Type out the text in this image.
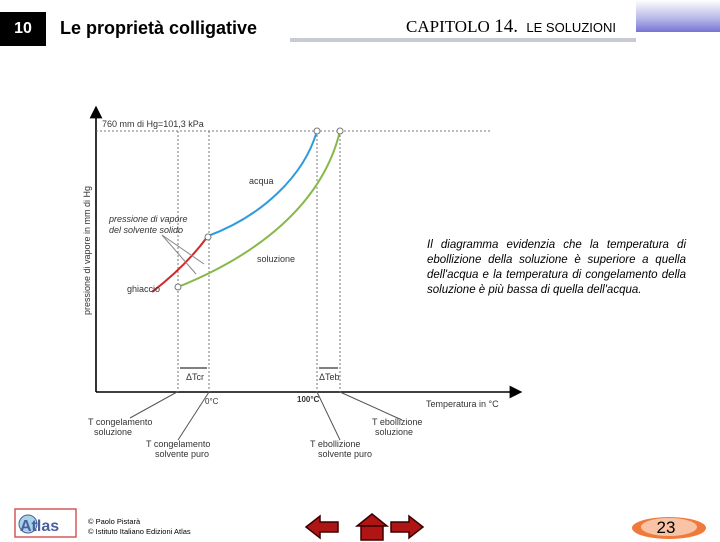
10 Le proprietà colligative	CAPITOLO 14. LE SOLUZIONI
760 mm di Hg=101,3 kPa
pressione di vapore in mm di Hg
acqua
soluzione
ghiaccio
pressione di vapore
del solvente solido
ΔTcr	ΔTeb
0°C	100°C	Temperatura in °C
T congelamento
soluzione
T congelamento
solvente puro
T ebollizione
solvente puro
T ebollizione
soluzione
Il diagramma evidenzia che la temperatura di ebollizione della soluzione è superiore a quella dell'acqua e la temperatura di congelamento della soluzione è più bassa di quella dell'acqua.
Atlas	© Paolo Pistarà
© Istituto Italiano Edizioni Atlas	23
